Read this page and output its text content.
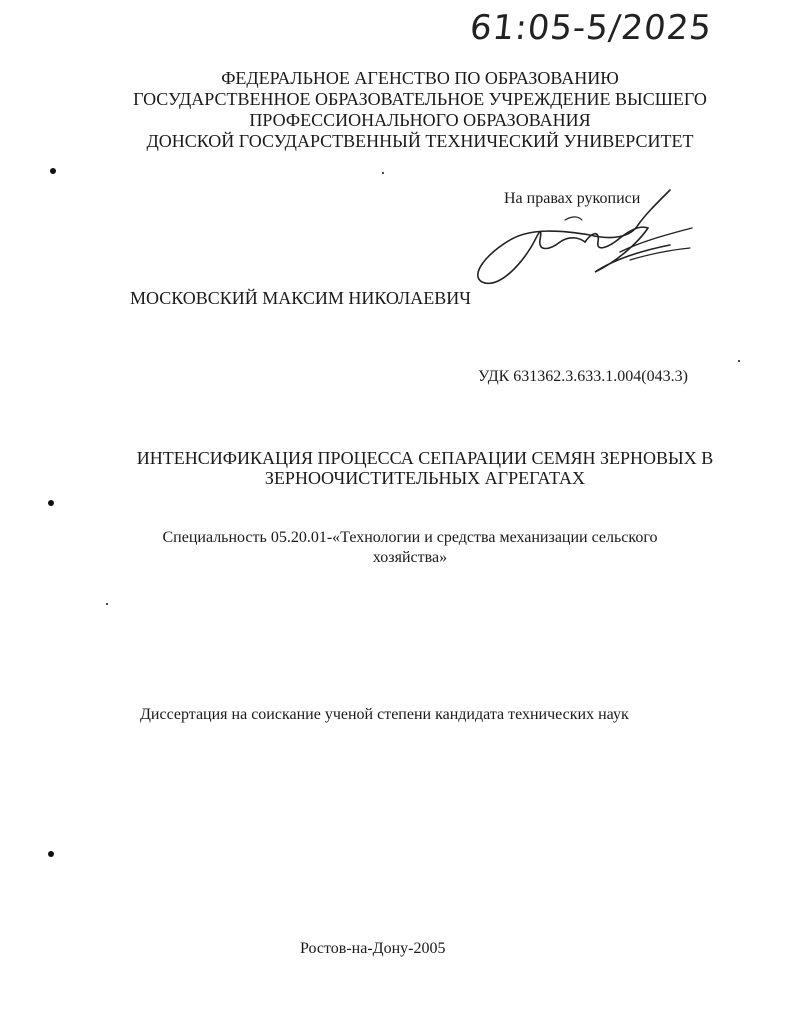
61:05-5/2025
ФЕДЕРАЛЬНОЕ АГЕНСТВО ПО ОБРАЗОВАНИЮ
ГОСУДАРСТВЕННОЕ ОБРАЗОВАТЕЛЬНОЕ УЧРЕЖДЕНИЕ ВЫСШЕГО
ПРОФЕССИОНАЛЬНОГО ОБРАЗОВАНИЯ
ДОНСКОЙ ГОСУДАРСТВЕННЫЙ ТЕХНИЧЕСКИЙ УНИВЕРСИТЕТ
На правах рукописи
МОСКОВСКИЙ МАКСИМ НИКОЛАЕВИЧ
УДК 631362.3.633.1.004(043.3)
ИНТЕНСИФИКАЦИЯ ПРОЦЕССА СЕПАРАЦИИ СЕМЯН ЗЕРНОВЫХ В
ЗЕРНООЧИСТИТЕЛЬНЫХ АГРЕГАТАХ
Специальность 05.20.01-«Технологии и средства механизации сельского
хозяйства»
Диссертация на соискание ученой степени кандидата технических наук
Ростов-на-Дону-2005
